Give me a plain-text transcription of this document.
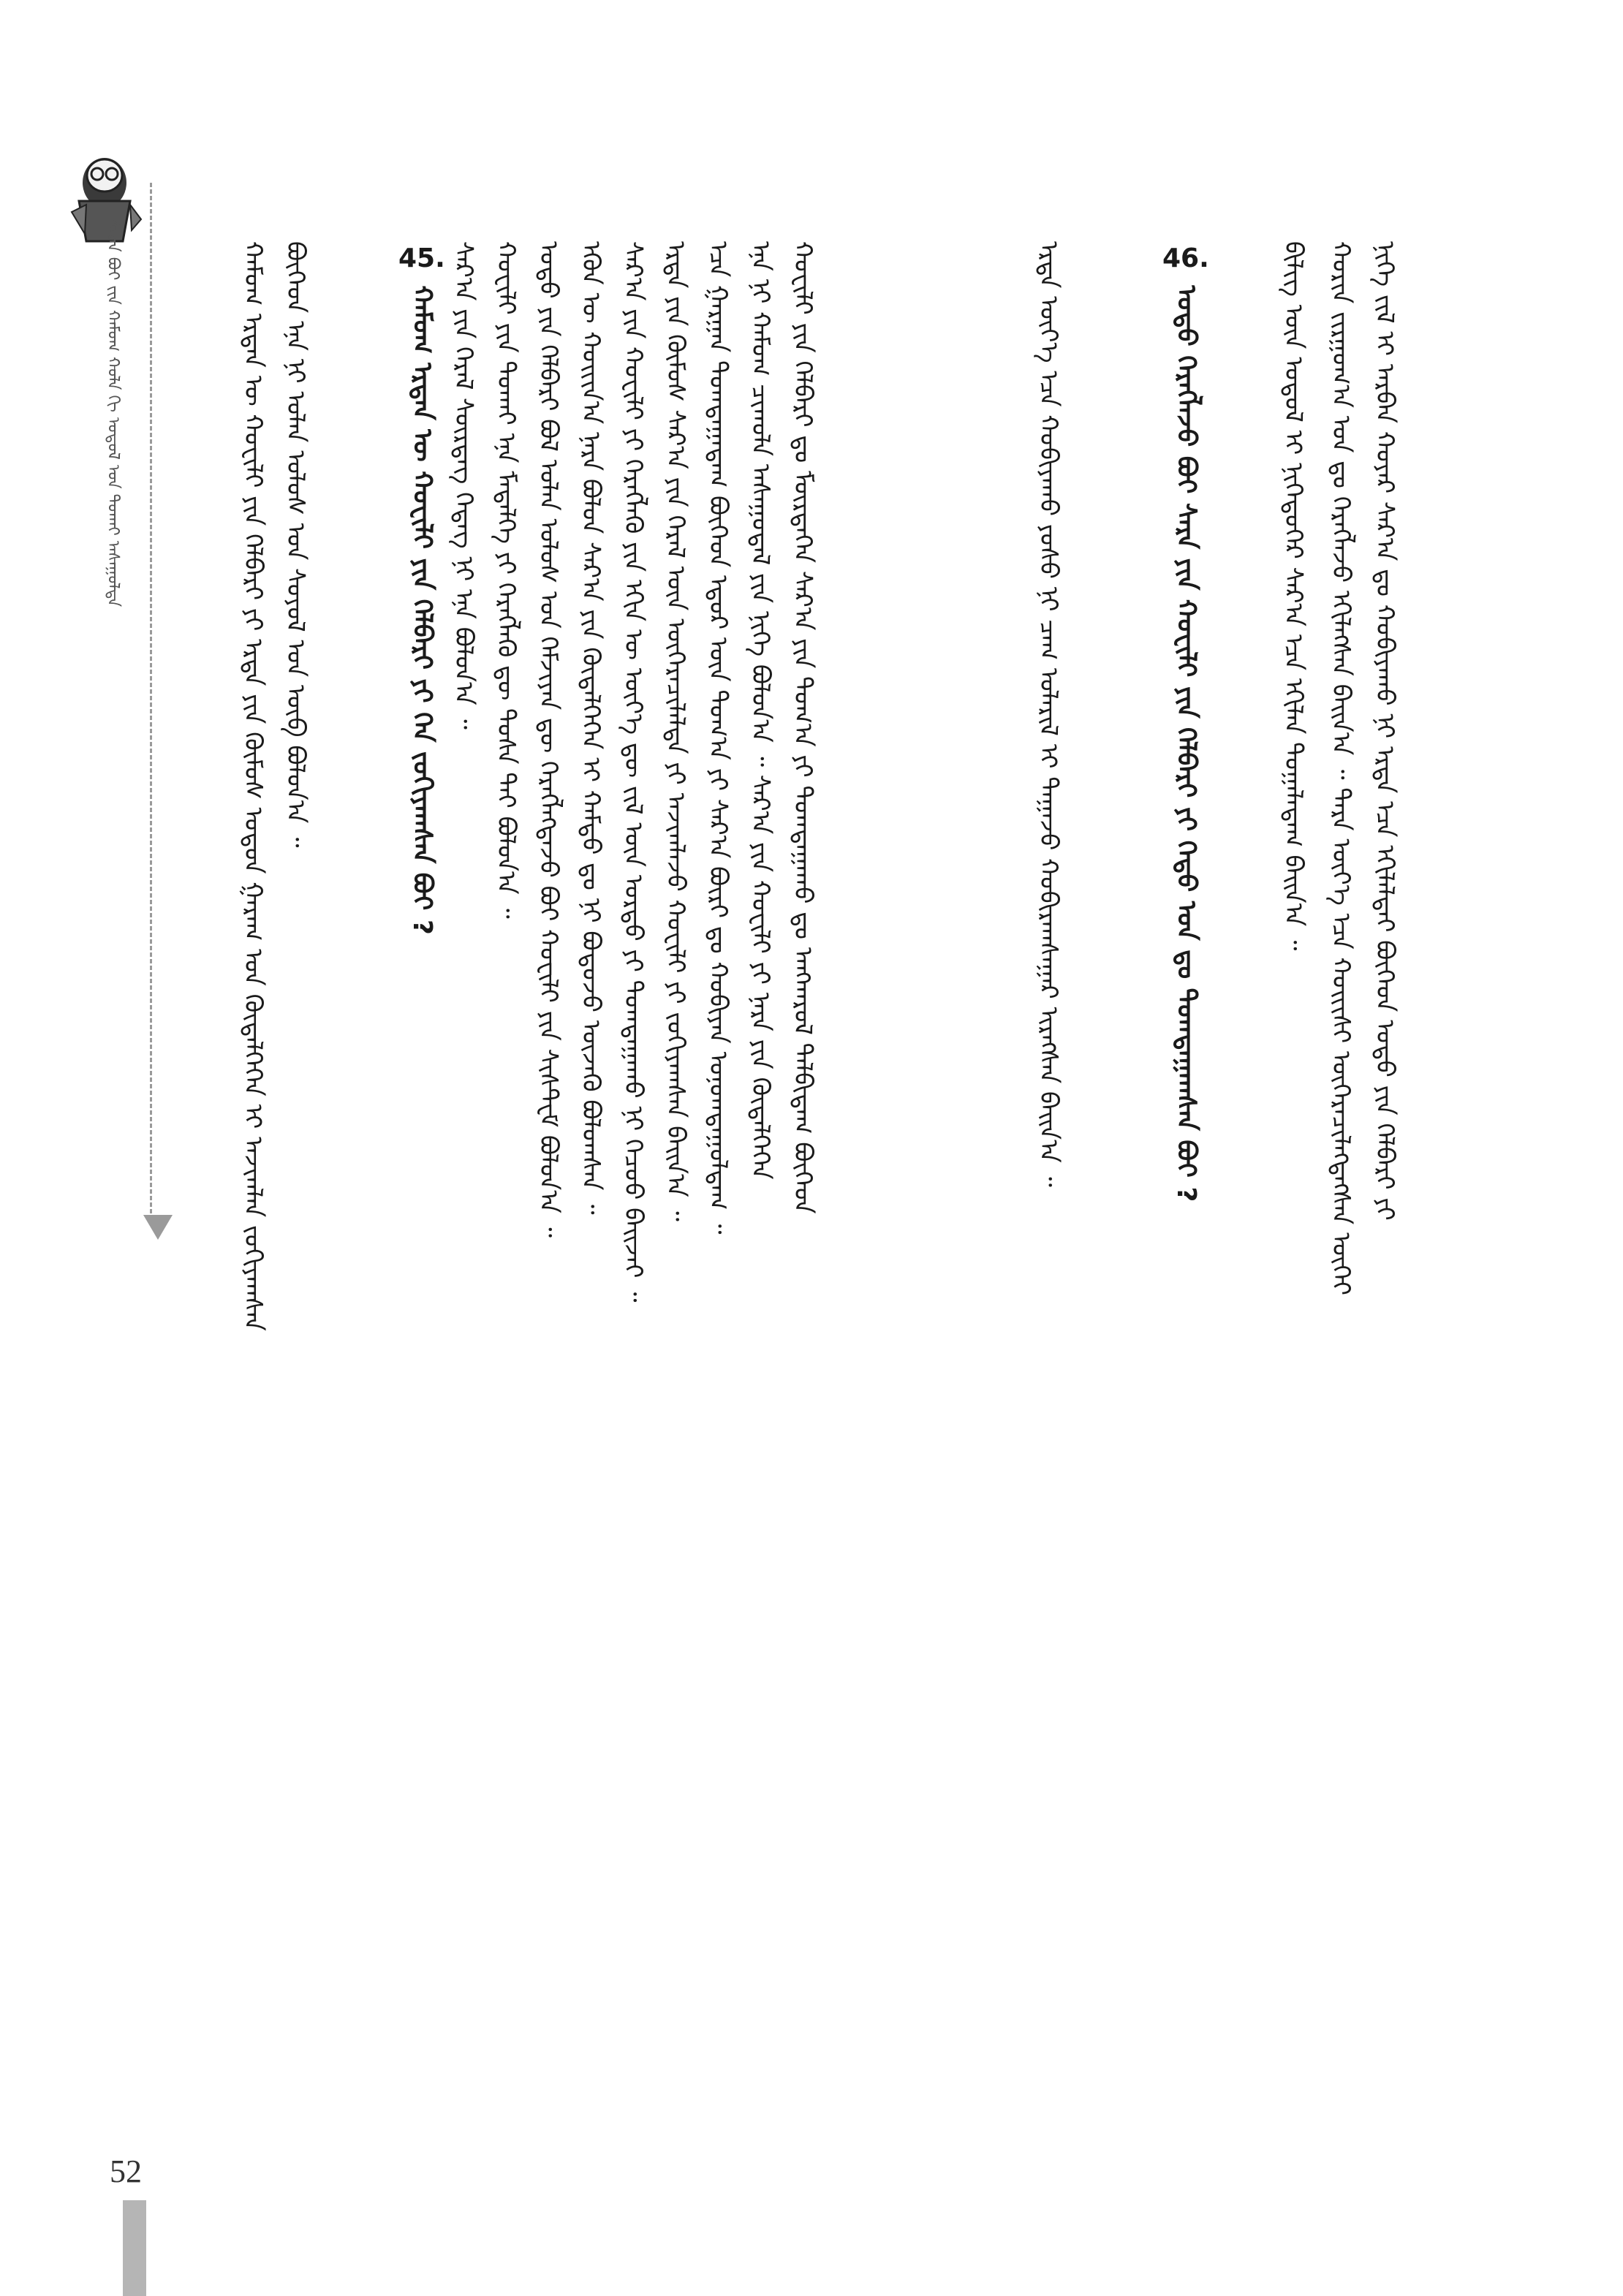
ᠰᠠᠷᠠᠨ ᠪᠤᠢ ᠵᠢᠨ ᠬᠠᠮᠤᠭ ᠬᠣᠯᠠ ᠬᠢ ᠤᠲᠤᠯ ᠤᠨ ᠲᠤᠬᠠᠢ ᠠᠰᠠᠭᠤᠯᠲᠠ	ᠬᠠᠮᠤᠭ ᠡᠷᠲᠡᠨ ᠦ ᠬᠤᠸᠢᠯᠢ ᠶᠢᠨ ᠬᠡᠯᠪᠡᠷᠢ ᠶᠢ ᠡᠷᠲᠡ ᠶᠢᠨ ᠬᠦᠮᠦᠰ ᠣᠳᠣᠨ ᠭᠠᠷᠠᠭ ᠤᠨ ᠬᠥᠳᠡᠯᠭᠡᠭᠡᠨ ᠢ ᠠᠵᠢᠭᠯᠠᠨ ᠵᠣᠬᠢᠶᠠᠭᠰᠠᠨ ᠪᠥᠭᠡᠳ ᠡᠨᠡ ᠨᠢ ᠣᠯᠠᠨ ᠤᠯᠤᠰ ᠤᠨ ᠰᠣᠶᠣᠯ ᠤᠨ ᠥᠪ ᠪᠣᠯᠤᠨ᠎ᠠ ᠃	45. ᠬᠠᠮᠤᠭ ᠡᠷᠲᠡᠨ ᠦ ᠬᠤᠸᠢᠯᠢ ᠶᠢᠨ ᠬᠡᠯᠪᠡᠷᠢ ᠶᠢ ᠬᠡᠨ ᠵᠣᠬᠢᠶᠠᠭᠰᠠᠨ ᠪᠤᠢ ? ᠰᠠᠷ᠎ᠠ ᠶᠢᠨ ᠭᠡᠷᠡᠯ ᠰᠦᠷᠳᠡᠭ ᠭᠡᠳᠡᠭ ᠨᠢ ᠡᠨᠡ ᠪᠣᠯᠤᠨ᠎ᠠ ᠃ ᠬᠤᠸᠢᠯᠢ ᠶᠢᠨ ᠲᠤᠬᠠᠢ ᠡᠨᠡ ᠮᠡᠳᠡᠯᠭᠡ ᠶᠢ ᠬᠡᠷᠡᠭᠯᠡᠬᠦ ᠳᠦ ᠲᠤᠰᠠ ᠲᠠᠢ ᠪᠣᠯᠤᠨ᠎ᠠ ᠃ ᠣᠳᠣ ᠶᠢᠨ ᠬᠡᠯᠪᠡᠷᠢ ᠪᠣᠯ ᠣᠯᠠᠨ ᠤᠯᠤᠰ ᠤᠨ ᠬᠡᠮᠵᠢᠶᠡᠨ ᠳᠦ ᠬᠡᠷᠡᠭᠯᠡᠭᠳᠡᠵᠦ ᠪᠤᠢ ᠬᠤᠸᠢᠯᠢ ᠶᠢᠨ ᠰᠢᠰᠲᠸᠮ ᠪᠣᠯᠤᠨ᠎ᠠ ᠃ ᠡᠭᠦᠨ ᠦ ᠬᠣᠢᠢᠨ᠎ᠠ ᠨᠠᠷᠠ ᠪᠣᠯᠤᠨ ᠰᠠᠷ᠎ᠠ ᠶᠢᠨ ᠬᠥᠳᠡᠯᠭᠡᠭᠡᠨ ᠢ ᠬᠠᠮᠲᠤ ᠳᠤ ᠨᠢ ᠪᠣᠳᠣᠵᠤ ᠦᠵᠡᠬᠦ ᠪᠣᠯᠤᠭᠰᠠᠨ ᠃ ᠰᠠᠷ᠎ᠠ ᠶᠢᠨ ᠬᠤᠸᠢᠯᠢ ᠶᠢ ᠬᠡᠷᠡᠭᠯᠡᠬᠦ ᠶᠢᠨ ᠡᠬᠢᠨ ᠦ ᠦᠶ᠎ᠡ ᠳᠦ ᠵᠢᠯ ᠦᠨ ᠤᠷᠲᠤ ᠶᠢ ᠲᠣᠭᠲᠠᠭᠠᠬᠤ ᠨᠢ ᠬᠡᠴᠦᠦ ᠪᠠᠢᠵᠠᠢ ᠃ ᠡᠷᠲᠡ ᠶᠢᠨ ᠬᠦᠮᠦᠰ ᠰᠠᠷ᠎ᠠ ᠶᠢᠨ ᠭᠡᠷᠡᠯ ᠦᠨ ᠥᠭᠡᠷᠡᠴᠢᠯᠡᠯᠲᠡ ᠶᠢ ᠠᠵᠢᠭᠯᠠᠵᠤ ᠬᠤᠸᠢᠯᠢ ᠶᠢ ᠵᠣᠬᠢᠶᠠᠭᠰᠠᠨ ᠪᠠᠢᠨ᠎ᠠ ᠃ ᠡᠴᠡ ᠭᠠᠷᠭᠠᠨ ᠲᠣᠭᠲᠠᠭᠠᠳᠠᠭ ᠪᠥᠭᠡᠳ ᠡᠳᠦᠷ ᠦᠨ ᠲᠣᠭ᠎ᠠ ᠶᠢ ᠰᠠᠷ᠎ᠠ ᠪᠦᠷᠢ ᠳᠤ ᠬᠤᠪᠢᠶᠠᠨ ᠣᠨᠣᠭᠳᠠᠭᠤᠯᠳᠠᠭ ᠃ ᠡᠨᠡ ᠨᠢ ᠬᠠᠮᠤᠭ ᠴᠢᠬᠤᠯᠠ ᠠᠰᠠᠭᠤᠳᠠᠯ ᠶᠢᠨ ᠨᠢᠭᠡ ᠪᠣᠯᠤᠨ᠎ᠠ ᠃ ᠰᠠᠷ᠎ᠠ ᠶᠢᠨ ᠬᠤᠸᠢᠯᠢ ᠶᠢ ᠨᠠᠷᠠ ᠶᠢᠨ ᠬᠥᠳᠡᠯᠭᠡᠭᠡᠨ ᠬᠤᠸᠢᠯᠢ ᠶᠢᠨ ᠬᠡᠯᠪᠡᠷᠢ ᠳᠤ ᠮᠥᠷᠲᠡᠭᠡᠨ ᠰᠠᠷ᠎ᠠ ᠶᠢᠨ ᠲᠣᠭ᠎ᠠ ᠶᠢ ᠲᠣᠭᠲᠠᠭᠠᠬᠤ ᠳᠤ ᠠᠩᠬᠠᠷᠤᠯ ᠲᠠᠯᠪᠢᠳᠠᠭ ᠪᠥᠭᠡᠳ	ᠡᠷᠲᠡ ᠦᠶ᠎ᠡ ᠡᠴᠡ ᠬᠤᠪᠢᠶᠠᠬᠤ ᠶᠣᠰᠤ ᠨᠢ ᠴᠠᠭ ᠤᠯᠠᠷᠢᠯ ᠢ ᠳᠠᠭᠠᠵᠤ ᠬᠤᠪᠢᠷᠠᠭᠰᠠᠭᠠᠷ ᠢᠷᠡᠭᠰᠡᠨ ᠪᠠᠢᠨ᠎ᠠ ᠃	46. ᠣᠳᠣ ᠬᠡᠷᠡᠭᠯᠡᠵᠦ ᠪᠤᠢ ᠰᠠᠷᠠ ᠶᠢᠨ ᠬᠤᠸᠢᠯᠢ ᠶᠢᠨ ᠬᠡᠯᠪᠡᠷᠢ ᠶᠢ ᠬᠡᠳᠦ ᠣᠨ ᠳᠤ ᠲᠣᠭᠲᠠᠭᠠᠭᠰᠠᠨ ᠪᠤᠢ ?	ᠪᠢᠯᠢᠭ ᠦᠨ ᠤᠲᠤᠯ ᠢ ᠨᠢᠭᠡᠳᠥᠭᠡᠷ ᠰᠠᠷ᠎ᠠ ᠡᠴᠡ ᠡᠬᠢᠯᠡᠨ ᠲᠣᠭᠠᠯᠠᠳᠠᠭ ᠪᠠᠢᠨ᠎ᠠ ᠃ ᠬᠤᠷᠢᠨ ᠵᠢᠷᠭᠤᠭ᠎ᠠ ᠤᠨ ᠳᠤ ᠬᠡᠷᠡᠭᠯᠡᠵᠦ ᠡᠬᠢᠯᠡᠭᠰᠡᠨ ᠪᠠᠢᠨ᠎ᠠ ᠃ ᠲᠡᠷᠡ ᠦᠶ᠎ᠡ ᠡᠴᠡ ᠬᠣᠢᠢᠰᠢ ᠥᠭᠡᠷᠡᠴᠢᠯᠡᠭᠳᠡᠭᠰᠡᠨ ᠦᠭᠡᠢ ᠨᠢᠭᠡ ᠵᠢᠯ ᠢ ᠠᠷᠪᠠᠨ ᠬᠤᠶᠠᠷ ᠰᠠᠷ᠎ᠠ ᠳᠤ ᠬᠤᠪᠢᠶᠠᠬᠤ ᠨᠢ ᠡᠷᠲᠡ ᠡᠴᠡ ᠡᠬᠢᠯᠡᠯᠲᠡᠢ ᠪᠥᠭᠡᠳ ᠣᠳᠣ ᠶᠢᠨ ᠬᠡᠯᠪᠡᠷᠢ ᠶᠢ
52
